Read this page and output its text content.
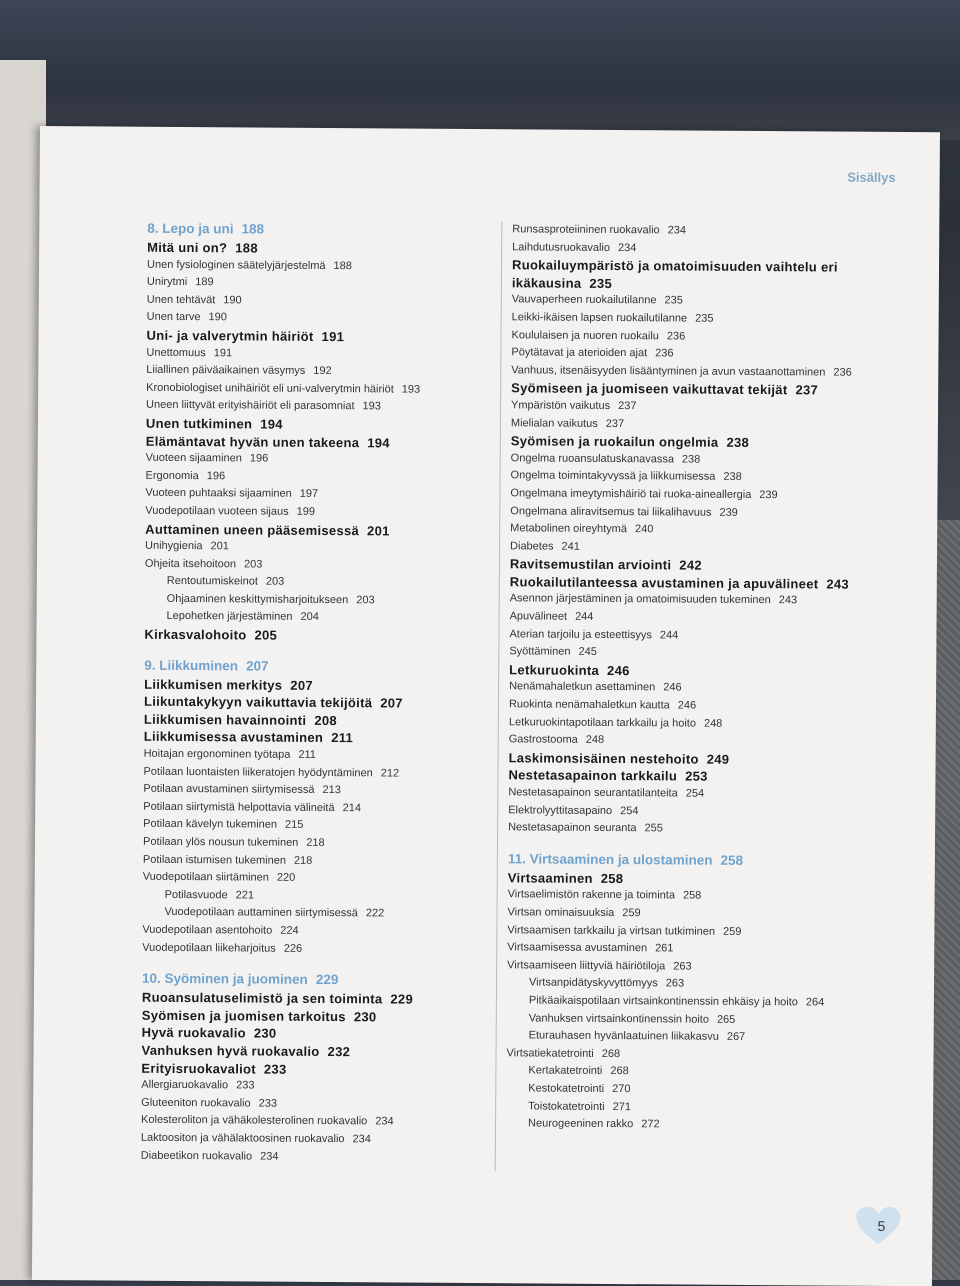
Sisällys
8. Lepo ja uni 188
Mitä uni on? 188
Unen fysiologinen säätelyjärjestelmä 188
Unirytmi 189
Unen tehtävät 190
Unen tarve 190
Uni- ja valverytmin häiriöt 191
Unettomuus 191
Liiallinen päiväaikainen väsymys 192
Kronobiologiset unihäiriöt eli uni-valverytmin häiriöt 193
Uneen liittyvät erityishäiriöt eli parasomniat 193
Unen tutkiminen 194
Elämäntavat hyvän unen takeena 194
Vuoteen sijaaminen 196
Ergonomia 196
Vuoteen puhtaaksi sijaaminen 197
Vuodepotilaan vuoteen sijaus 199
Auttaminen uneen pääsemisessä 201
Unihygienia 201
Ohjeita itsehoitoon 203
Rentoutumiskeinot 203
Ohjaaminen keskittymisharjoitukseen 203
Lepohetken järjestäminen 204
Kirkasvalohoito 205
9. Liikkuminen 207
Liikkumisen merkitys 207
Liikuntakykyyn vaikuttavia tekijöitä 207
Liikkumisen havainnointi 208
Liikkumisessa avustaminen 211
Hoitajan ergonominen työtapa 211
Potilaan luontaisten liikeratojen hyödyntäminen 212
Potilaan avustaminen siirtymisessä 213
Potilaan siirtymistä helpottavia välineitä 214
Potilaan kävelyn tukeminen 215
Potilaan ylös nousun tukeminen 218
Potilaan istumisen tukeminen 218
Vuodepotilaan siirtäminen 220
Potilasvuode 221
Vuodepotilaan auttaminen siirtymisessä 222
Vuodepotilaan asentohoito 224
Vuodepotilaan liikeharjoitus 226
10. Syöminen ja juominen 229
Ruoansulatuselimistö ja sen toiminta 229
Syömisen ja juomisen tarkoitus 230
Hyvä ruokavalio 230
Vanhuksen hyvä ruokavalio 232
Erityisruokavaliot 233
Allergiaruokavalio 233
Gluteeniton ruokavalio 233
Kolesteroliton ja vähäkolesterolinen ruokavalio 234
Laktoositon ja vähälaktoosinen ruokavalio 234
Diabeetikon ruokavalio 234
Runsasproteiininen ruokavalio 234
Laihdutusruokavalio 234
Ruokailuympäristö ja omatoimisuuden vaihtelu eri ikäkausina 235
Vauvaperheen ruokailutilanne 235
Leikki-ikäisen lapsen ruokailutilanne 235
Koululaisen ja nuoren ruokailu 236
Pöytätavat ja aterioiden ajat 236
Vanhuus, itsenäisyyden lisääntyminen ja avun vastaanottaminen 236
Syömiseen ja juomiseen vaikuttavat tekijät 237
Ympäristön vaikutus 237
Mielialan vaikutus 237
Syömisen ja ruokailun ongelmia 238
Ongelma ruoansulatuskanavassa 238
Ongelma toimintakyvyssä ja liikkumisessa 238
Ongelmana imeytymishäiriö tai ruoka-aineallergia 239
Ongelmana aliravitsemus tai liikalihavuus 239
Metabolinen oireyhtymä 240
Diabetes 241
Ravitsemustilan arviointi 242
Ruokailutilanteessa avustaminen ja apuvälineet 243
Asennon järjestäminen ja omatoimisuuden tukeminen 243
Apuvälineet 244
Aterian tarjoilu ja esteettisyys 244
Syöttäminen 245
Letkuruokinta 246
Nenämahaletkun asettaminen 246
Ruokinta nenämahaletkun kautta 246
Letkuruokintapotilaan tarkkailu ja hoito 248
Gastrostooma 248
Laskimonsisäinen nestehoito 249
Nestetasapainon tarkkailu 253
Nestetasapainon seurantatilanteita 254
Elektrolyyttitasapaino 254
Nestetasapainon seuranta 255
11. Virtsaaminen ja ulostaminen 258
Virtsaaminen 258
Virtsaelimistön rakenne ja toiminta 258
Virtsan ominaisuuksia 259
Virtsaamisen tarkkailu ja virtsan tutkiminen 259
Virtsaamisessa avustaminen 261
Virtsaamiseen liittyviä häiriötiloja 263
Virtsanpidätyskyvyttömyys 263
Pitkäaikaispotilaan virtsainkontinenssin ehkäisy ja hoito 264
Vanhuksen virtsainkontinenssin hoito 265
Eturauhasen hyvänlaatuinen liikakasvu 267
Virtsatiekatetrointi 268
Kertakatetrointi 268
Kestokatetrointi 270
Toistokatetrointi 271
Neurogeeninen rakko 272
5
